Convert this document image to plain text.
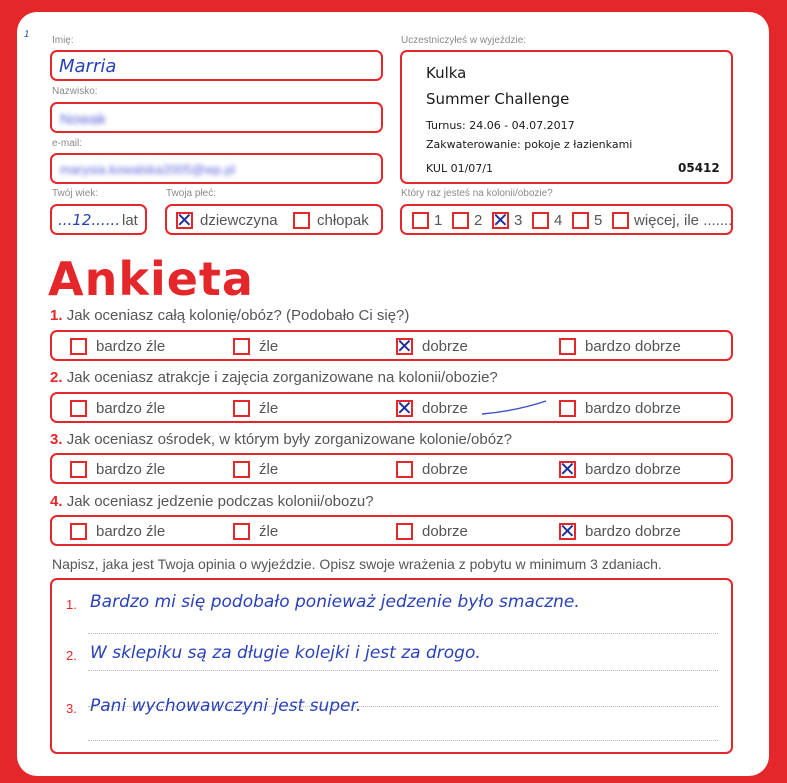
1 Imię:
Marria
Nazwisko:
Nowak
e-mail:
marysia.kowalska2005@wp.pl
Twój wiek:
...12...... lat
Twoja płeć:
✕ dziewczyna	chłopak
Uczestniczyłeś w wyjeździe:
Kulka
Summer Challenge
Turnus: 24.06 - 04.07.2017
Zakwaterowanie: pokoje z łazienkami
KUL 01/07/1	05412
Który raz jesteś na kolonii/obozie?
1 2 ✕ 3 4 5 więcej, ile .......
Ankieta
1. Jak oceniasz całą kolonię/obóz? (Podobało Ci się?)
bardzo źle	źle	✕ dobrze	bardzo dobrze
2. Jak oceniasz atrakcje i zajęcia zorganizowane na kolonii/obozie?
bardzo źle	źle	✕ dobrze	bardzo dobrze
3. Jak oceniasz ośrodek, w którym były zorganizowane kolonie/obóz?
bardzo źle	źle	dobrze	✕ bardzo dobrze
4. Jak oceniasz jedzenie podczas kolonii/obozu?
bardzo źle	źle	dobrze	✕ bardzo dobrze
Napisz, jaka jest Twoja opinia o wyjeździe. Opisz swoje wrażenia z pobytu w minimum 3 zdaniach.
1. Bardzo mi się podobało ponieważ jedzenie było smaczne.
2. W sklepiku są za długie kolejki i jest za drogo.
3. Pani wychowawczyni jest super.
